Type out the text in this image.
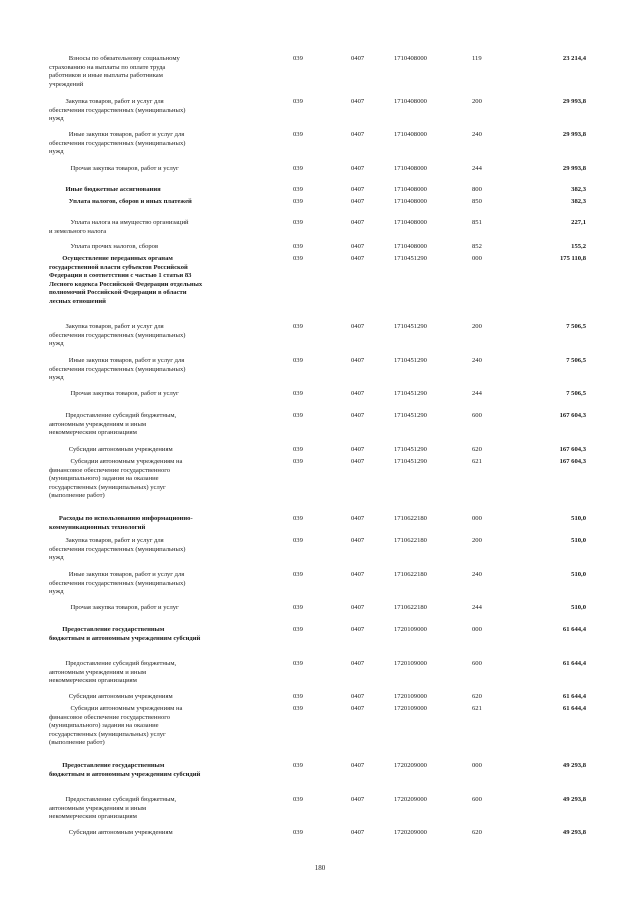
Взносы по обязательному социальному
страхованию на выплаты по оплате труда
работников и иные выплаты работникам
учреждений
039	0407	1710408000	119	23 214,4
Закупка товаров, работ и услуг для
обеспечения государственных (муниципальных)
нужд
039	0407	1710408000	200	29 993,8
Иные закупки товаров, работ и услуг для
обеспечения государственных (муниципальных)
нужд
039	0407	1710408000	240	29 993,8
Прочая закупка товаров, работ и услуг	039	0407	1710408000	244	29 993,8
Иные бюджетные ассигнования	039	0407	1710408000	800	382,3
Уплата налогов, сборов и иных платежей	039	0407	1710408000	850	382,3
Уплата налога на имущество организаций
и земельного налога
039	0407	1710408000	851	227,1
Уплата прочих налогов, сборов	039	0407	1710408000	852	155,2
Осуществление переданных органам
государственной власти субъектов Российской
Федерации в соответствии с частью 1 статьи 83
Лесного кодекса Российской Федерации отдельных
полномочий Российской Федерации в области
лесных отношений
039	0407	1710451290	000	175 110,8
Закупка товаров, работ и услуг для
обеспечения государственных (муниципальных)
нужд
039	0407	1710451290	200	7 506,5
Иные закупки товаров, работ и услуг для
обеспечения государственных (муниципальных)
нужд
039	0407	1710451290	240	7 506,5
Прочая закупка товаров, работ и услуг	039	0407	1710451290	244	7 506,5
Предоставление субсидий бюджетным,
автономным учреждениям и иным
некоммерческим организациям
039	0407	1710451290	600	167 604,3
Субсидии автономным учреждениям	039	0407	1710451290	620	167 604,3
Субсидии автономным учреждениям на
финансовое обеспечение государственного
(муниципального) задания на оказание
государственных (муниципальных) услуг
(выполнение работ)
039	0407	1710451290	621	167 604,3
Расходы по использованию информационно-
коммуникационных технологий
039	0407	1710622180	000	510,0
Закупка товаров, работ и услуг для
обеспечения государственных (муниципальных)
нужд
039	0407	1710622180	200	510,0
Иные закупки товаров, работ и услуг для
обеспечения государственных (муниципальных)
нужд
039	0407	1710622180	240	510,0
Прочая закупка товаров, работ и услуг	039	0407	1710622180	244	510,0
Предоставление государственным
бюджетным и автономным учреждениям субсидий
039	0407	1720109000	000	61 644,4
Предоставление субсидий бюджетным,
автономным учреждениям и иным
некоммерческим организациям
039	0407	1720109000	600	61 644,4
Субсидии автономным учреждениям	039	0407	1720109000	620	61 644,4
Субсидии автономным учреждениям на
финансовое обеспечение государственного
(муниципального) задания на оказание
государственных (муниципальных) услуг
(выполнение работ)
039	0407	1720109000	621	61 644,4
Предоставление государственным
бюджетным и автономным учреждениям субсидий
039	0407	1720209000	000	49 293,8
Предоставление субсидий бюджетным,
автономным учреждениям и иным
некоммерческим организациям
039	0407	1720209000	600	49 293,8
Субсидии автономным учреждениям	039	0407	1720209000	620	49 293,8
180
